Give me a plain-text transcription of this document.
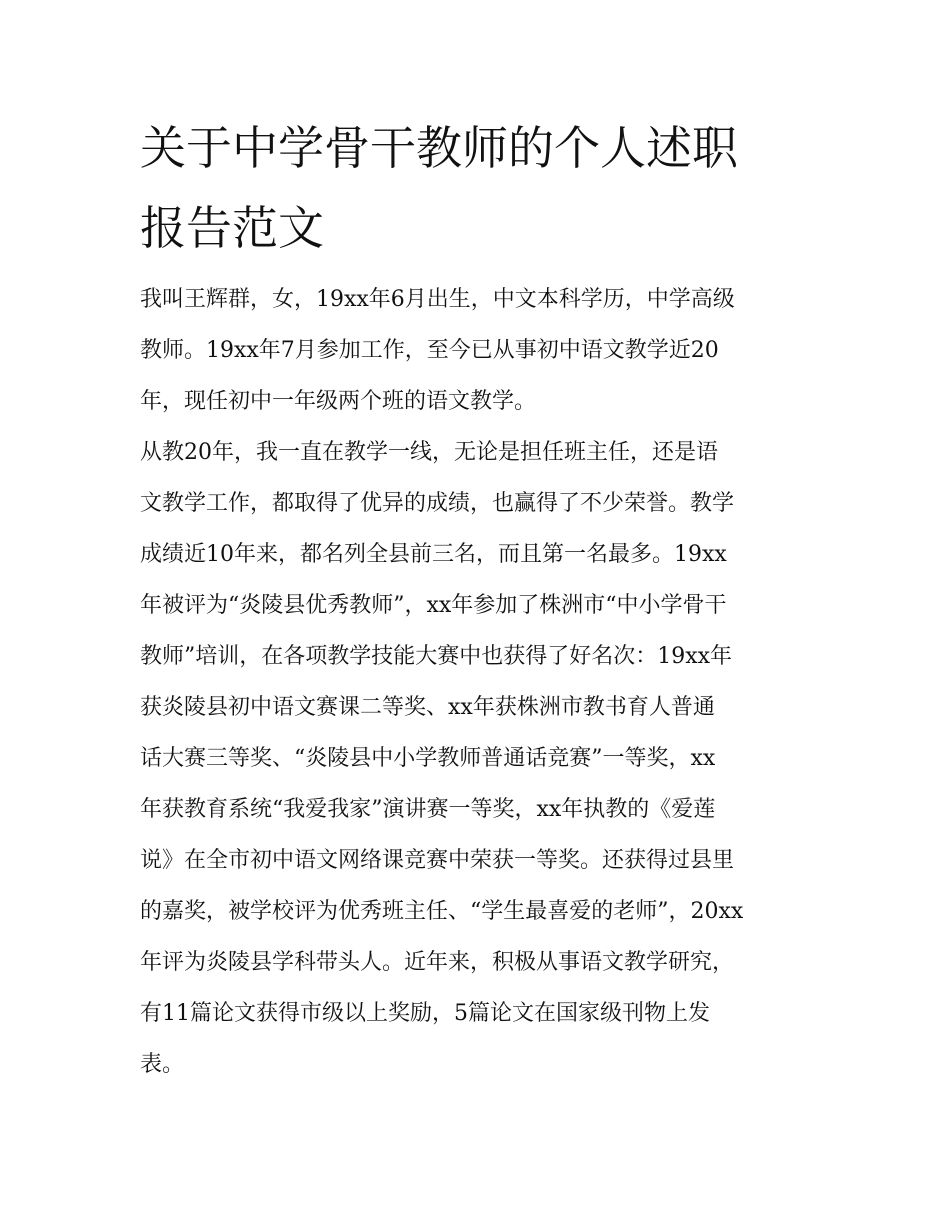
关于中学骨干教师的个人述职
报告范文
我叫王辉群，女，19xx年6月出生，中文本科学历，中学高级
教师。19xx年7月参加工作，至今已从事初中语文教学近20
年，现任初中一年级两个班的语文教学。
从教20年，我一直在教学一线，无论是担任班主任，还是语
文教学工作，都取得了优异的成绩，也赢得了不少荣誉。教学
成绩近10年来，都名列全县前三名，而且第一名最多。19xx
年被评为“炎陵县优秀教师”，xx年参加了株洲市“中小学骨干
教师”培训，在各项教学技能大赛中也获得了好名次：19xx年
获炎陵县初中语文赛课二等奖、xx年获株洲市教书育人普通
话大赛三等奖、“炎陵县中小学教师普通话竞赛”一等奖，xx
年获教育系统“我爱我家”演讲赛一等奖，xx年执教的《爱莲
说》在全市初中语文网络课竞赛中荣获一等奖。还获得过县里
的嘉奖，被学校评为优秀班主任、“学生最喜爱的老师”，20xx
年评为炎陵县学科带头人。近年来，积极从事语文教学研究，
有11篇论文获得市级以上奖励，5篇论文在国家级刊物上发
表。
